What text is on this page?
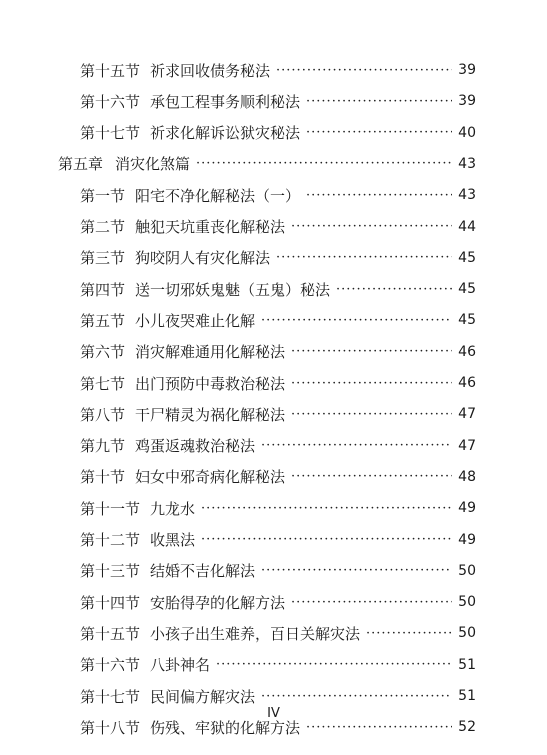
第十五节 祈求回收债务秘法 ·····	39
第十六节 承包工程事务顺利秘法 ·····	39
第十七节 祈求化解诉讼狱灾秘法 ·····	40
第五章 消灾化煞篇 ·····	43
第一节 阳宅不净化解秘法（一） ·····	43
第二节 触犯天坑重丧化解秘法 ·····	44
第三节 狗咬阴人有灾化解法 ·····	45
第四节 送一切邪妖鬼魅（五鬼）秘法 ·····	45
第五节 小儿夜哭难止化解 ·····	45
第六节 消灾解难通用化解秘法 ·····	46
第七节 出门预防中毒救治秘法 ·····	46
第八节 干尸精灵为祸化解秘法 ·····	47
第九节 鸡蛋返魂救治秘法 ·····	47
第十节 妇女中邪奇病化解秘法 ·····	48
第十一节 九龙水 ·····	49
第十二节 收黑法 ·····	49
第十三节 结婚不吉化解法 ·····	50
第十四节 安胎得孕的化解方法 ·····	50
第十五节 小孩子出生难养，百日关解灾法 ·····	50
第十六节 八卦神名 ·····	51
第十七节 民间偏方解灾法 ·····	51
第十八节 伤残、牢狱的化解方法 ·····	52
IV
